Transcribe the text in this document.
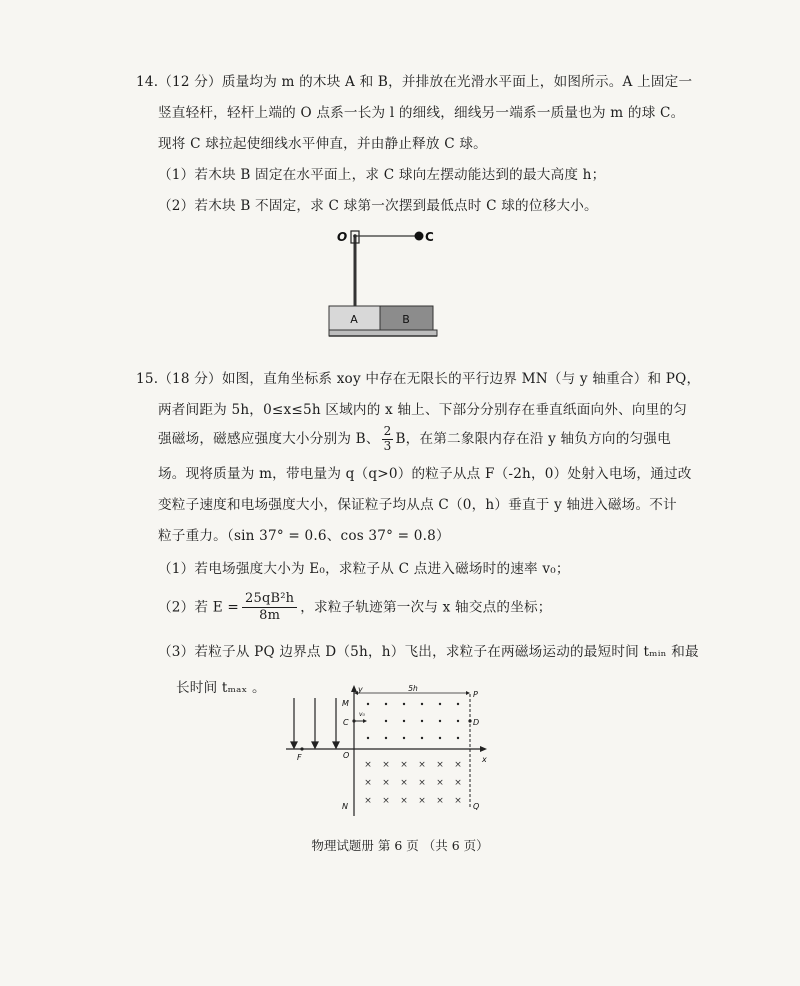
14.（12 分）质量均为 m 的木块 A 和 B，并排放在光滑水平面上，如图所示。A 上固定一
竖直轻杆，轻杆上端的 O 点系一长为 l 的细线，细线另一端系一质量也为 m 的球 C。
现将 C 球拉起使细线水平伸直，并由静止释放 C 球。
（1）若木块 B 固定在水平面上，求 C 球向左摆动能达到的最大高度 h；
（2）若木块 B 不固定，求 C 球第一次摆到最低点时 C 球的位移大小。
A	B
O	C
15.（18 分）如图，直角坐标系 xoy 中存在无限长的平行边界 MN（与 y 轴重合）和 PQ，
两者间距为 5h，0≤x≤5h 区域内的 x 轴上、下部分分别存在垂直纸面向外、向里的匀
强磁场，磁感应强度大小分别为 B、 $\frac{2}{3}$ B，在第二象限内存在沿 y 轴负方向的匀强电
场。现将质量为 m，带电量为 q（q>0）的粒子从点 F（-2h，0）处射入电场，通过改
变粒子速度和电场强度大小，保证粒子均从点 C（0，h）垂直于 y 轴进入磁场。不计
粒子重力。（sin 37° = 0.6、cos 37° = 0.8）
（1）若电场强度大小为 E₀，求粒子从 C 点进入磁场时的速率 v₀；
（2）若 $E = \frac{\text{25qB²h}}{8m}$ ，求粒子轨迹第一次与 x 轴交点的坐标；
（3）若粒子从 PQ 边界点 D（5h，h）飞出，求粒子在两磁场运动的最短时间 tₘᵢₙ 和最
长时间 tₘₐₓ 。
× × × × × ×
× × × × × ×
× × × × × ×
y
x
O
M
C
P
D
F
N	Q
5h
v₀
物理试题册 第 6 页 （共 6 页）
